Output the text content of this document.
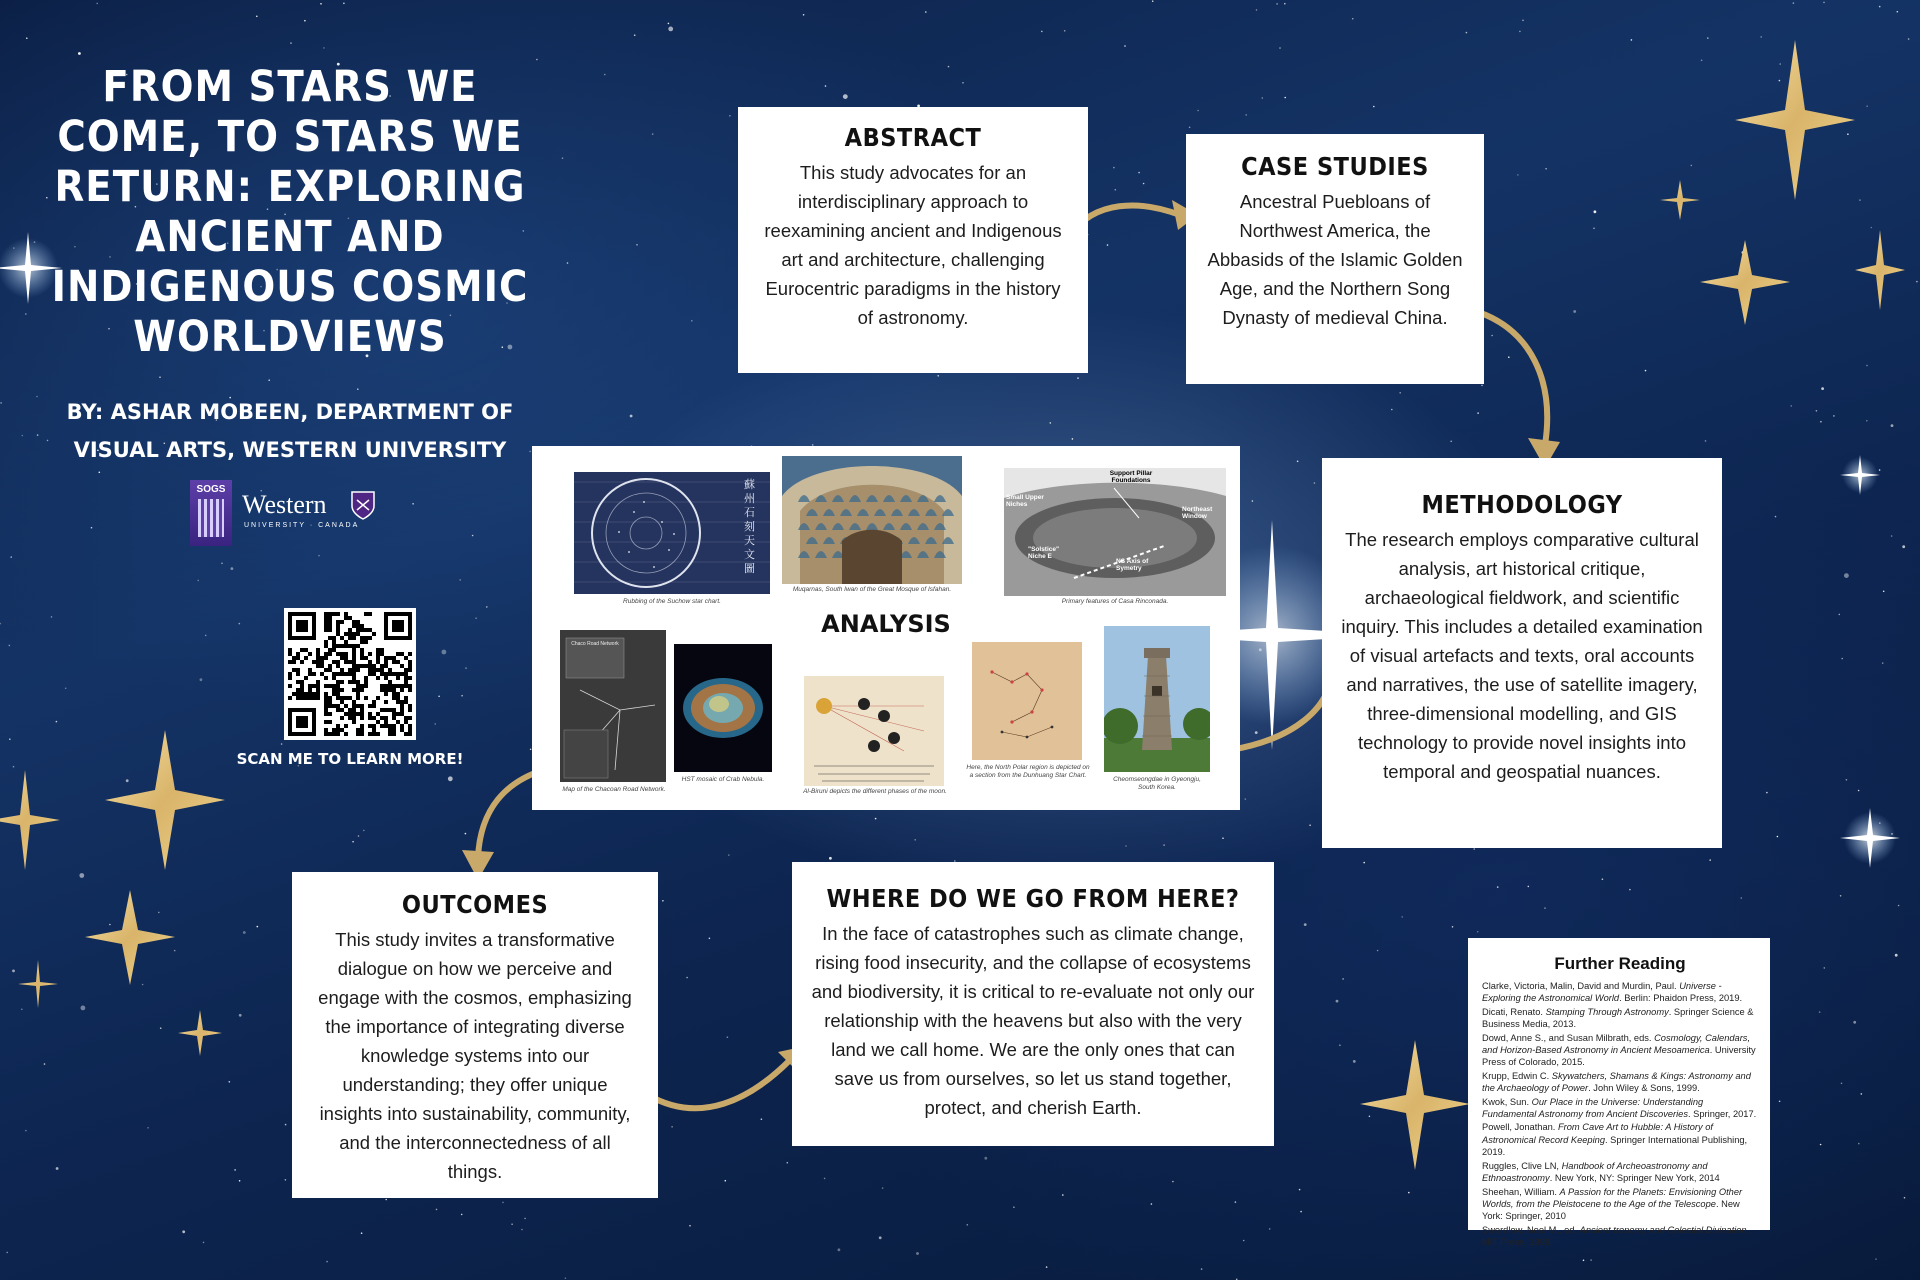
FROM STARS WE COME, TO STARS WE RETURN: EXPLORING ANCIENT AND INDIGENOUS COSMIC WORLDVIEWS

BY: ASHAR MOBEEN, DEPARTMENT OF VISUAL ARTS, WESTERN UNIVERSITY

SOGS
Western
UNIVERSITY · CANADA
SCAN ME TO LEARN MORE!
ABSTRACT

This study advocates for an interdisciplinary approach to reexamining ancient and Indigenous art and architecture, challenging Eurocentric paradigms in the history of astronomy.

CASE STUDIES

Ancestral Puebloans of Northwest America, the Abbasids of the Islamic Golden Age, and the Northern Song Dynasty of medieval China.

METHODOLOGY

The research employs comparative cultural analysis, art historical critique, archaeological fieldwork, and scientific inquiry. This includes a detailed examination of visual artefacts and texts, oral accounts and narratives, the use of satellite imagery, three-dimensional modelling, and GIS technology to provide novel insights into temporal and geospatial nuances.

蘇州石刻天文圖
Rubbing of the Suchow star chart.
Muqarnas, South Iwan of the Great Mosque of Isfahan.
Support Pillar Foundations
Small Upper Niches
"Solstice" Niche E
Northeast Window
NS Axis of Symetry
Primary features of Casa Rinconada.
ANALYSIS
Chaco Road Network
Map of the Chacoan Road Network.
HST mosaic of Crab Nebula.
Al-Biruni depicts the different phases of the moon.
Here, the North Polar region is depicted on a section from the Dunhuang Star Chart.
Cheomseongdae in Gyeongju, South Korea.
OUTCOMES

This study invites a transformative dialogue on how we perceive and engage with the cosmos, emphasizing the importance of integrating diverse knowledge systems into our understanding; they offer unique insights into sustainability, community, and the interconnectedness of all things.

WHERE DO WE GO FROM HERE?

In the face of catastrophes such as climate change, rising food insecurity, and the collapse of ecosystems and biodiversity, it is critical to re-evaluate not only our relationship with the heavens but also with the very land we call home. We are the only ones that can save us from ourselves, so let us stand together, protect, and cherish Earth.

Further Reading

Clarke, Victoria, Malin, David and Murdin, Paul. Universe - Exploring the Astronomical World. Berlin: Phaidon Press, 2019.

Dicati, Renato. Stamping Through Astronomy. Springer Science & Business Media, 2013.

Dowd, Anne S., and Susan Milbrath, eds. Cosmology, Calendars, and Horizon-Based Astronomy in Ancient Mesoamerica. University Press of Colorado, 2015.

Krupp, Edwin C. Skywatchers, Shamans & Kings: Astronomy and the Archaeology of Power. John Wiley & Sons, 1999.

Kwok, Sun. Our Place in the Universe: Understanding Fundamental Astronomy from Ancient Discoveries. Springer, 2017.

Powell, Jonathan. From Cave Art to Hubble: A History of Astronomical Record Keeping. Springer International Publishing, 2019.

Ruggles, Clive LN, Handbook of Archeoastronomy and Ethnoastronomy. New York, NY: Springer New York, 2014

Sheehan, William. A Passion for the Planets: Envisioning Other Worlds, from the Pleistocene to the Age of the Telescope. New York: Springer, 2010

Swerdlow, Noel M., ed. Ancient tronomy and Celestial Divination. MIT Press, 1999.
